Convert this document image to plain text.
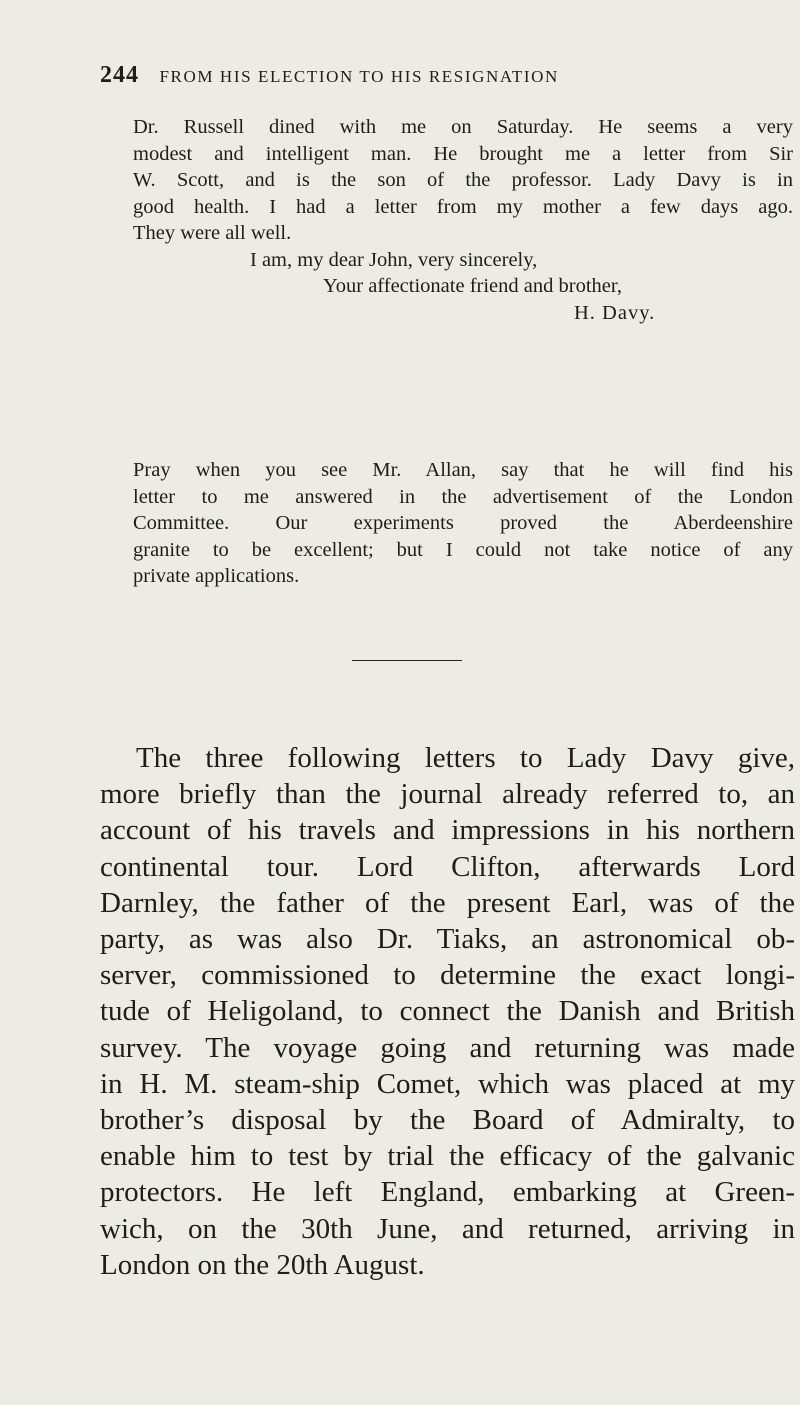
244 FROM HIS ELECTION TO HIS RESIGNATION
Dr. Russell dined with me on Saturday. He seems a very
modest and intelligent man. He brought me a letter from Sir
W. Scott, and is the son of the professor. Lady Davy is in
good health. I had a letter from my mother a few days ago.
They were all well.

I am, my dear John, very sincerely,

Your affectionate friend and brother,

H. Davy.

Pray when you see Mr. Allan, say that he will find his
letter to me answered in the advertisement of the London
Committee. Our experiments proved the Aberdeenshire
granite to be excellent; but I could not take notice of any
private applications.
The three following letters to Lady Davy give,
more briefly than the journal already referred to, an
account of his travels and impressions in his northern
continental tour. Lord Clifton, afterwards Lord
Darnley, the father of the present Earl, was of the
party, as was also Dr. Tiaks, an astronomical ob-
server, commissioned to determine the exact longi-
tude of Heligoland, to connect the Danish and British
survey. The voyage going and returning was made
in H. M. steam-ship Comet, which was placed at my
brother’s disposal by the Board of Admiralty, to
enable him to test by trial the efficacy of the galvanic
protectors. He left England, embarking at Green-
wich, on the 30th June, and returned, arriving in
London on the 20th August.
